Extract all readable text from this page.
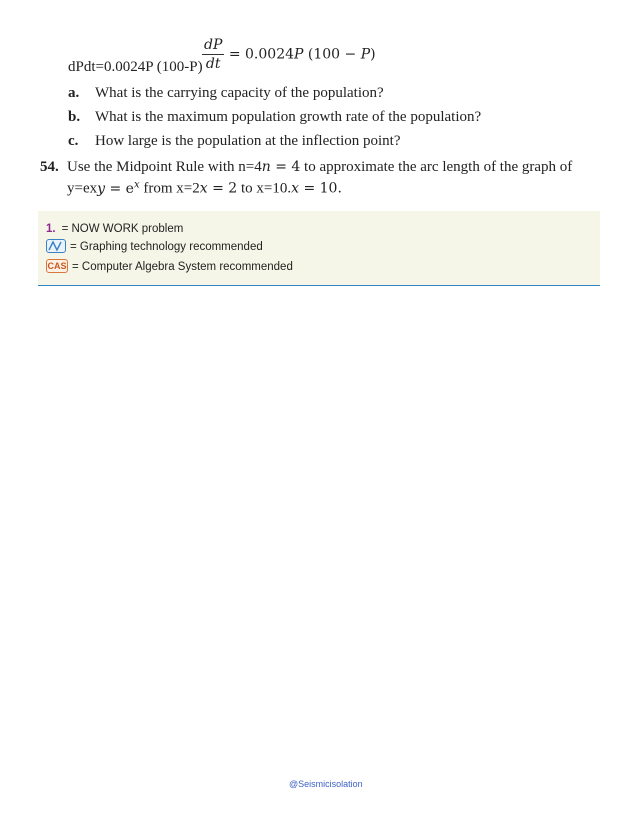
$\frac{dP}{dt} = 0.0024P$ (100 − P)
dPdt=0.0024P (100-P)
a. What is the carrying capacity of the population?
b. What is the maximum population growth rate of the population?
c. How large is the population at the inflection point?
54. Use the Midpoint Rule with n=4n = 4 to approximate the arc length of the graph of
$y=exy = e^x$ from x=2x = 2 to x=10.x = 10.
1. = NOW WORK problem
= Graphing technology recommended
CAS = Computer Algebra System recommended
@Seismicisolation
